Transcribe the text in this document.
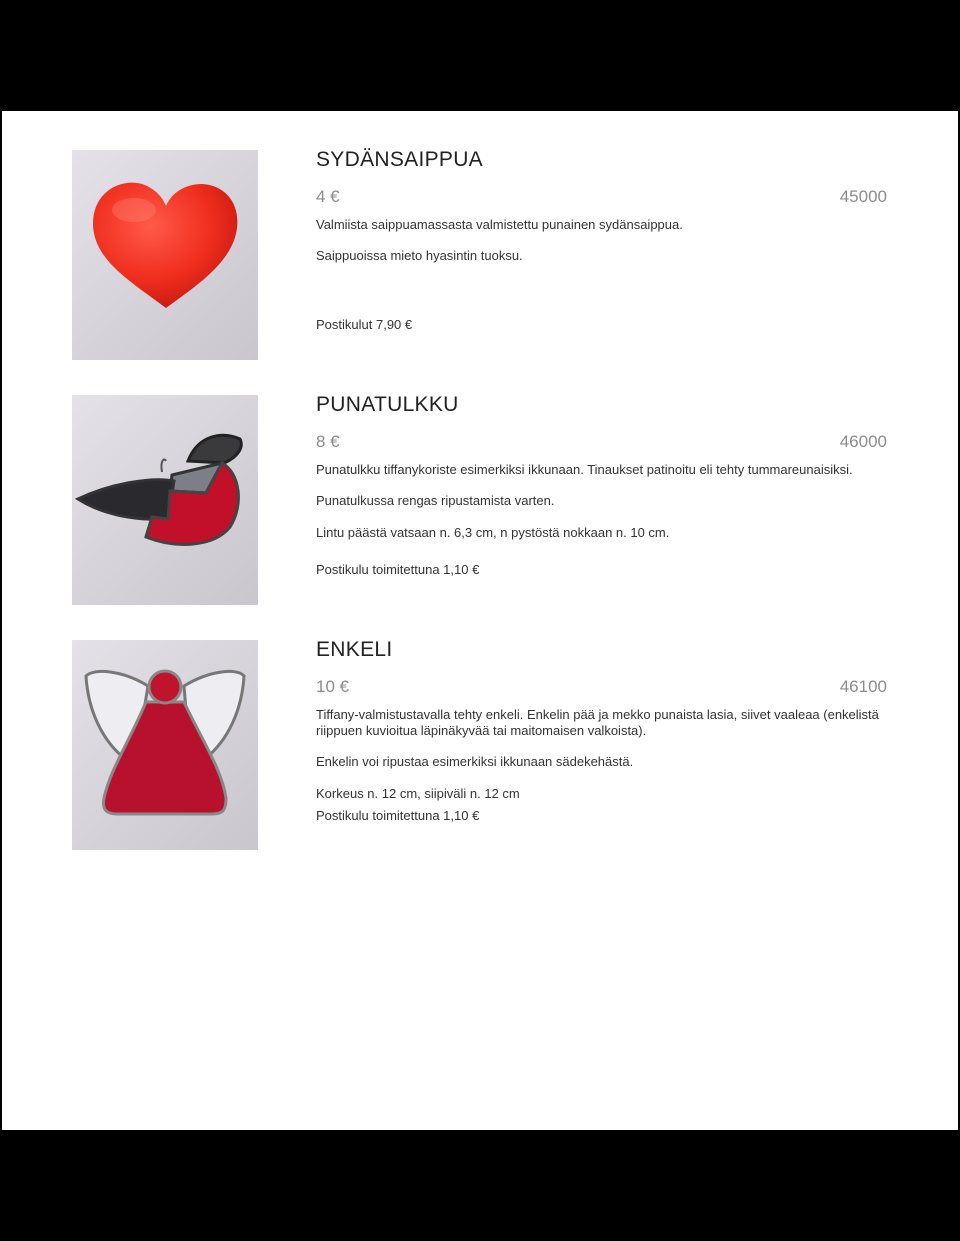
SYDÄNSAIPPUA
4 €	45000
Valmiista saippuamassasta valmistettu punainen sydänsaippua.
Saippuoissa mieto hyasintin tuoksu.
Postikulut 7,90 €
PUNATULKKU
8 €	46000
Punatulkku tiffanykoriste esimerkiksi ikkunaan. Tinaukset patinoitu eli tehty tummareunaisiksi.
Punatulkussa rengas ripustamista varten.
Lintu päästä vatsaan n. 6,3 cm, n pystöstä nokkaan n. 10 cm.
Postikulu toimitettuna 1,10 €
ENKELI
10 €	46100
Tiffany-valmistustavalla tehty enkeli. Enkelin pää ja mekko punaista lasia, siivet vaaleaa (enkelistä riippuen kuvioitua läpinäkyvää tai maitomaisen valkoista).
Enkelin voi ripustaa esimerkiksi ikkunaan sädekehästä.
Korkeus n. 12 cm, siipiväli n. 12 cm
Postikulu toimitettuna 1,10 €
